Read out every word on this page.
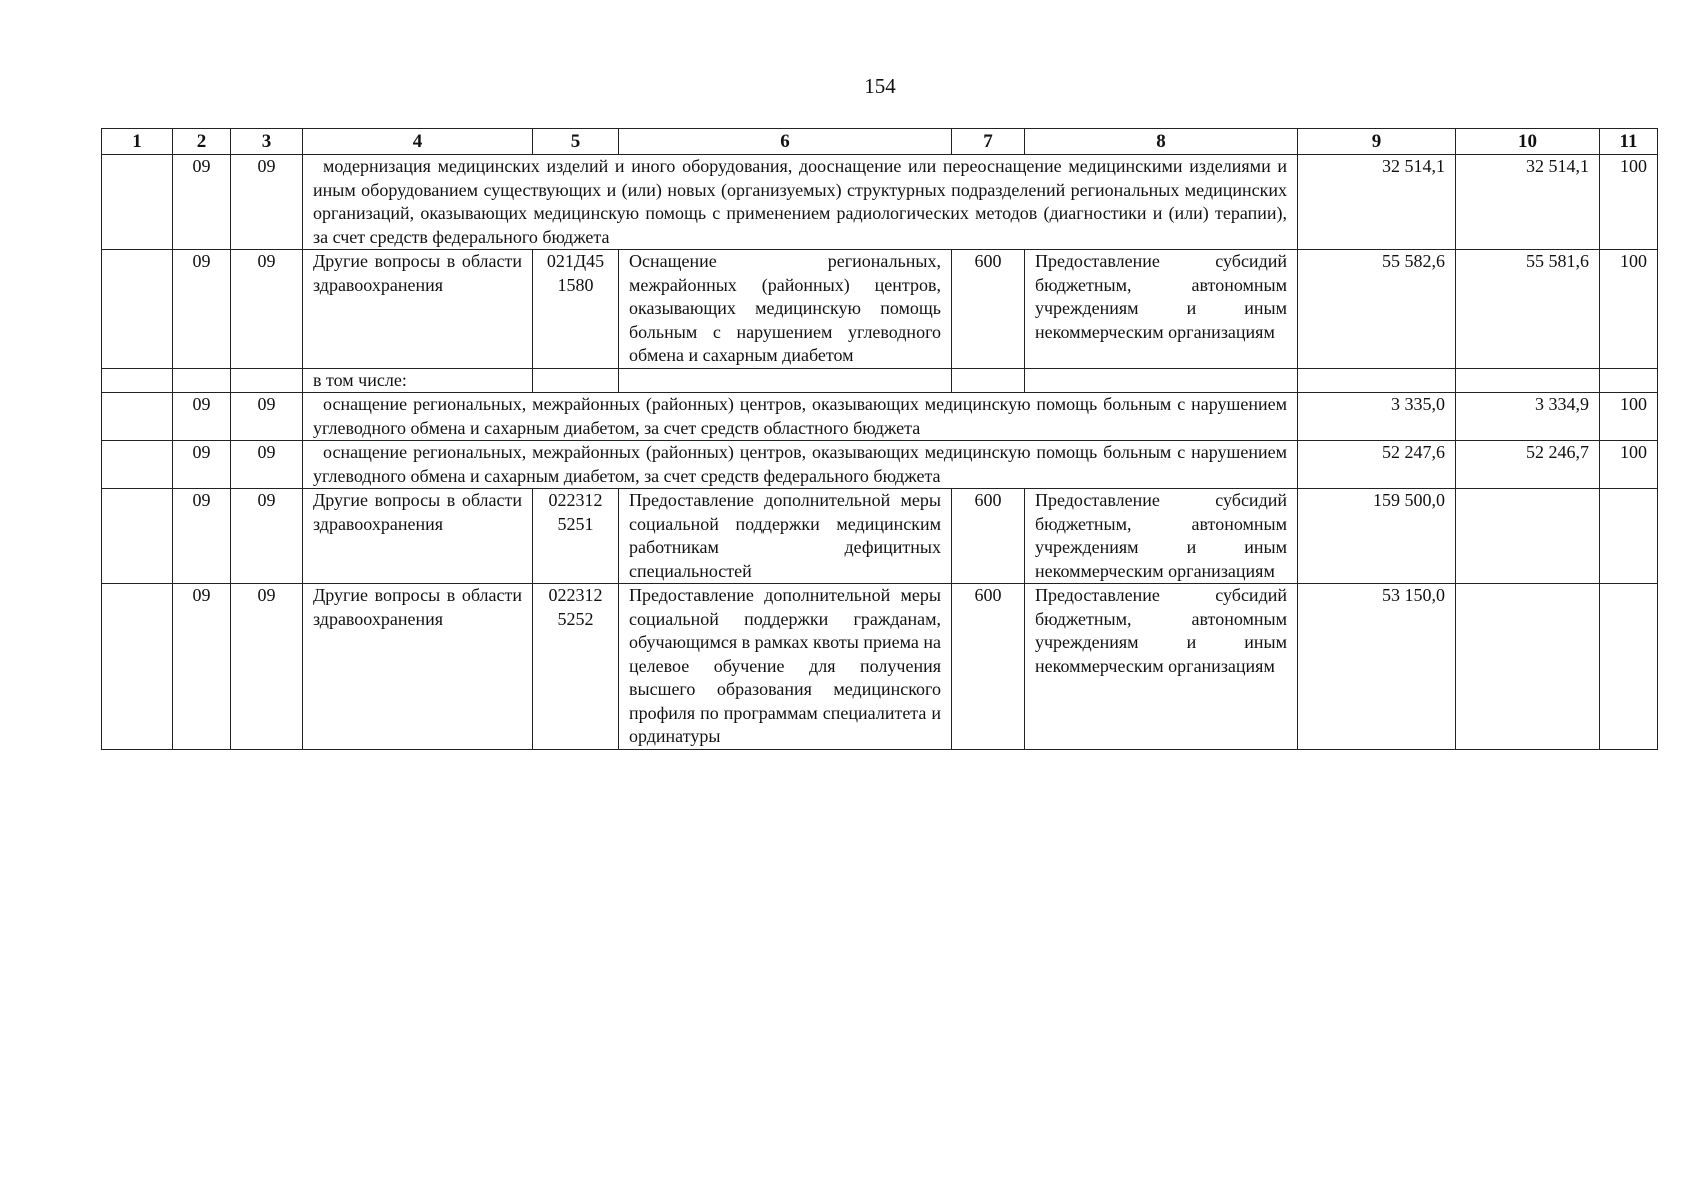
154
1	2	3	4	5	6	7	8	9	10	11
	09	09	модернизация медицинских изделий и иного оборудования, дооснащение или переоснащение медицинскими изделиями и иным оборудованием существующих и (или) новых (организуемых) структурных подразделений региональных медицинских организаций, оказывающих медицинскую помощь с применением радиологических методов (диагностики и (или) терапии), за счет средств федерального бюджета					32 514,1	32 514,1	100
	09	09	Другие вопросы в области здравоохранения	021Д45 1580	Оснащение региональных, межрайонных (районных) центров, оказывающих медицинскую помощь больным с нарушением углеводного обмена и сахарным диабетом	600	Предоставление субсидий бюджетным, автономным учреждениям и иным некоммерческим организациям	55 582,6	55 581,6	100
			в том числе:							
	09	09	оснащение региональных, межрайонных (районных) центров, оказывающих медицинскую помощь больным с нарушением углеводного обмена и сахарным диабетом, за счет средств областного бюджета					3 335,0	3 334,9	100
	09	09	оснащение региональных, межрайонных (районных) центров, оказывающих медицинскую помощь больным с нарушением углеводного обмена и сахарным диабетом, за счет средств федерального бюджета					52 247,6	52 246,7	100
	09	09	Другие вопросы в области здравоохранения	022312 5251	Предоставление дополнительной меры социальной поддержки медицинским работникам дефицитных специальностей	600	Предоставление субсидий бюджетным, автономным учреждениям и иным некоммерческим организациям	159 500,0		
	09	09	Другие вопросы в области здравоохранения	022312 5252	Предоставление дополнительной меры социальной поддержки гражданам, обучающимся в рамках квоты приема на целевое обучение для получения высшего образования медицинского профиля по программам специалитета и ординатуры	600	Предоставление субсидий бюджетным, автономным учреждениям и иным некоммерческим организациям	53 150,0		
